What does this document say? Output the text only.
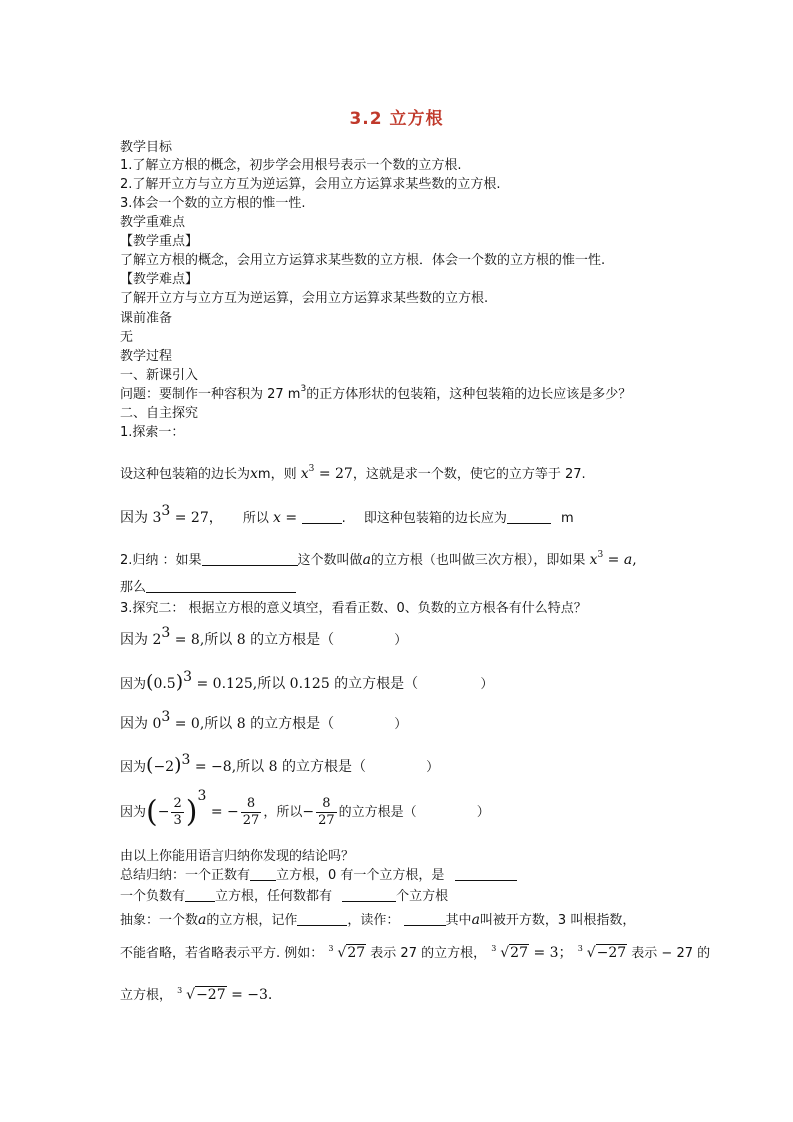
3.2 立方根
教学目标
1.了解立方根的概念，初步学会用根号表示一个数的立方根.
2.了解开立方与立方互为逆运算，会用立方运算求某些数的立方根.
3.体会一个数的立方根的惟一性.
教学重难点
【教学重点】
了解立方根的概念，会用立方运算求某些数的立方根．体会一个数的立方根的惟一性.
【教学难点】
了解开立方与立方互为逆运算，会用立方运算求某些数的立方根.
课前准备
无
教学过程
一、新课引入
问题：要制作一种容积为 27 $m^3$的正方体形状的包装箱，这种包装箱的边长应该是多少？
二、自主探究
1.探索一：
设这种包装箱的边长为xm，则 $x^3 = 27$，这就是求一个数，使它的立方等于 27.
因为 $3^3 = 27$， 所以 x =	. 即这种包装箱的边长应为	m
2.归纳 ：如果	这个数叫做a的立方根（也叫做三次方根），即如果 $x^3 = a$,
那么
3.探究二： 根据立方根的意义填空，看看正数、0、负数的立方根各有什么特点？
因为 $2^3 = 8$,所以 8 的立方根是（	）
因为$(0.5)^3 = 0.125$,所以 0.125 的立方根是（	）
因为 $0^3 = 0$,所以 8 的立方根是（	）
因为$(-2)^3 = -8$,所以 8 的立方根是（	）
因为(− $\frac{2}{3} )^3$ = − $\frac{8}{27}$ ，所以− $\frac{8}{27}$ 的立方根是（	）
由以上你能用语言归纳你发现的结论吗？
总结归纳：一个正数有 立方根，0 有一个立方根，是
一个负数有 立方根，任何数都有	个立方根
抽象：一个数a的立方根，记作	，读作：	其中a叫被开方数，3 叫根指数，
不能省略，若省略表示平方. 例如： 3 √27 表示 27 的立方根， 3 √27 = 3； 3 √−27 表示 − 27 的
立方根， 3 √−27 = −3.
